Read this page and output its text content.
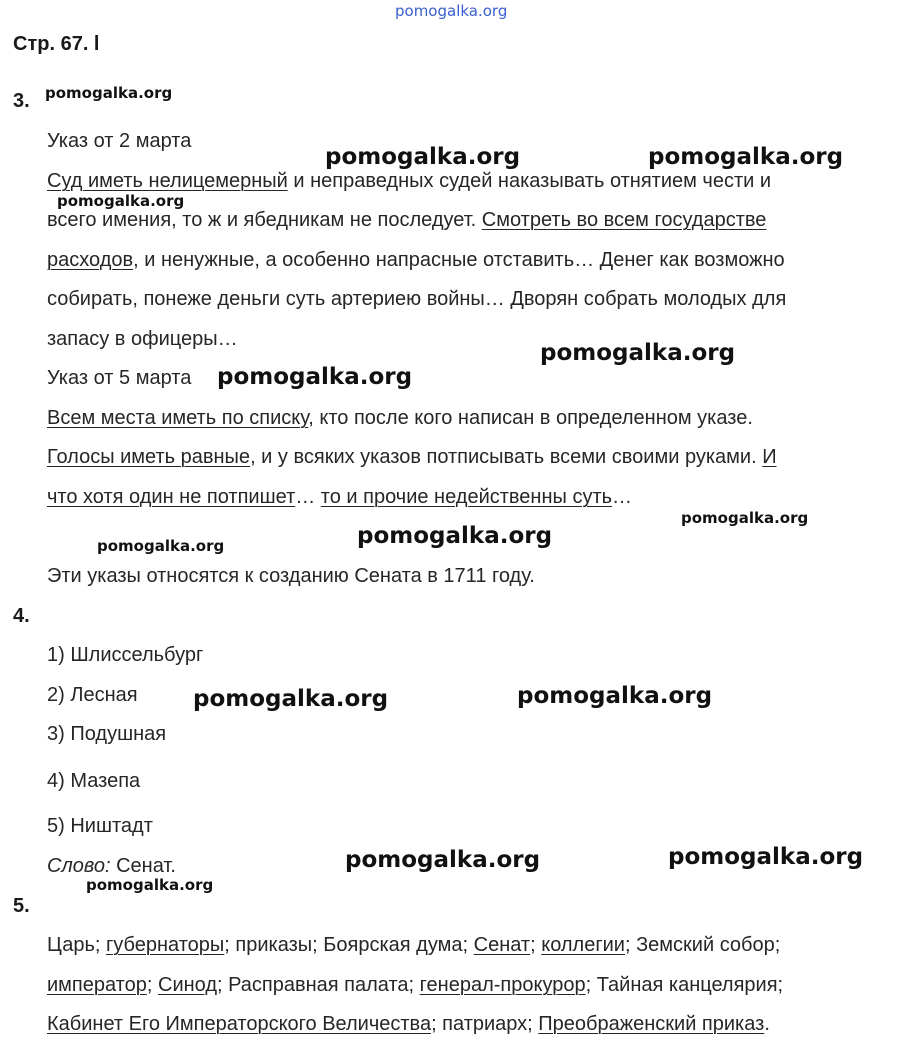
pomogalka.org
Стр. 67. l
3.
Указ от 2 марта
Суд иметь нелицемерный и неправедных судей наказывать отнятием чести и
всего имения, то ж и ябедникам не последует. Смотреть во всем государстве
расходов, и ненужные, а особенно напрасные отставить… Денег как возможно
собирать, понеже деньги суть артериею войны… Дворян собрать молодых для
запасу в офицеры…
Указ от 5 марта
Всем места иметь по списку, кто после кого написан в определенном указе.
Голосы иметь равные, и у всяких указов потписывать всеми своими руками. И
что хотя один не потпишет… то и прочие недейственны суть…
Эти указы относятся к созданию Сената в 1711 году.
4.
1) Шлиссельбург
2) Лесная
3) Подушная
4) Мазепа
5) Ништадт
Слово: Сенат.
5.
Царь; губернаторы; приказы; Боярская дума; Сенат; коллегии; Земский собор;
император; Синод; Расправная палата; генерал-прокурор; Тайная канцелярия;
Кабинет Его Императорского Величества; патриарх; Преображенский приказ.
pomogalka.org
pomogalka.org	pomogalka.org
pomogalka.org
pomogalka.org
pomogalka.org
pomogalka.org
pomogalka.org
pomogalka.org
pomogalka.org	pomogalka.org
pomogalka.org	pomogalka.org
pomogalka.org
